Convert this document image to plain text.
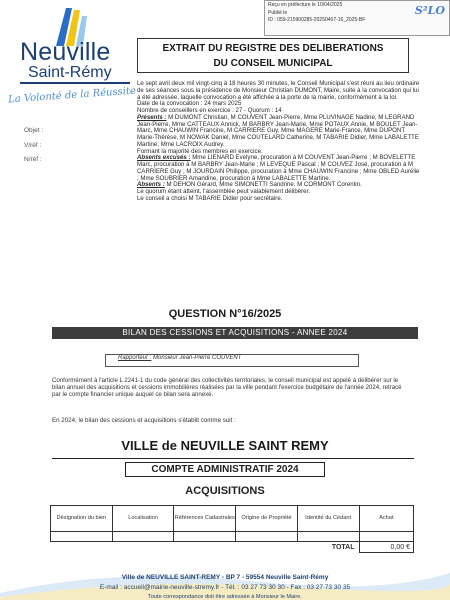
Reçu en préfecture le 10/04/2025
Publié le
ID : 059-215900285-20250407-16_2025-BF
S²LO
Neuville
Saint-Rémy
La Volonté de la Réussite
Objet :
V/réf :
N/réf :
EXTRAIT DU REGISTRE DES DELIBERATIONS
DU CONSEIL MUNICIPAL

Le sept avril deux mil vingt-cinq à 18 heures 30 minutes, le Conseil Municipal s'est réuni au lieu ordinaire de ses séances sous la présidence de Monsieur Christian DUMONT, Maire, suite à la convocation qui lui a été adressée, laquelle convocation a été affichée à la porte de la mairie, conformément à la loi.

Date de la convocation : 24 mars 2025

Nombre de conseillers en exercice : 27 - Quorum : 14

Présents : M DUMONT Christian, M COUVENT Jean-Pierre, Mme PLUVINAGE Nadine, M LEGRAND Jean-Pierre, Mme CATTEAUX Annick, M BARBRY Jean-Marie, Mme POTAUX Annie, M BOULET Jean-Marc, Mme CHAUWIN Francine, M CARRIERE Guy, Mme MAGERE Marie-France, Mme DUPONT Marie-Thérèse, M NOWAK Daniel, Mme COUTELARD Catherine, M TABARIE Didier, Mme LABALETTE Martine, Mme LACROIX Audrey.

Formant la majorité des membres en exercice.

Absents excusés : Mme LIENARD Evelyne, procuration à M COUVENT Jean-Pierre ; M BOVELETTE Marc, procuration à M BARBRY Jean-Marie ; M LEVEQUE Pascal ; M COUVEZ José, procuration à M CARRIERE Guy ; M JOURDAIN Philippe, procuration à Mme CHAUWIN Francine ; Mme OBLED Aurélie ; Mme SOUBRIER Amandine, procuration à Mme LABALETTE Martine.

Absents : M DEHON Gérard, Mme SIMONETTI Sandrine, M CORMONT Corentin.

Le quorum étant atteint, l'assemblée peut valablement délibérer.

Le conseil a choisi M TABARIE Didier pour secrétaire.

QUESTION N°16/2025
BILAN DES CESSIONS ET ACQUISITIONS - ANNEE 2024
Rapporteur : Monsieur Jean-Pierre COUVENT
Conformément à l'article L 2241-1 du code général des collectivités territoriales, le conseil municipal est appelé à délibérer sur le bilan annuel des acquisitions et cessions immobilières réalisées par la ville pendant l'exercice budgétaire de l'année 2024, retracé par le compte financier unique auquel ce bilan sera annexé.
En 2024, le bilan des cessions et acquisitions s'établit comme suit :
VILLE de NEUVILLE SAINT REMY
COMPTE ADMINISTRATIF 2024
ACQUISITIONS
Désignation du bien	Localisation	Références Cadastrales	Origine de Propriété	Identité du Cédant	Achat

TOTAL					0,00 €
Ville de NEUVILLE SAINT-REMY - BP 7 - 59554 Neuville Saint-Rémy
E-mail : accueil@mairie-neuville-stremy.fr - Tél. : 03 27 73 30 30 - Fax : 03 27 73 30 35
Toute correspondance doit être adressée à Monsieur le Maire.
